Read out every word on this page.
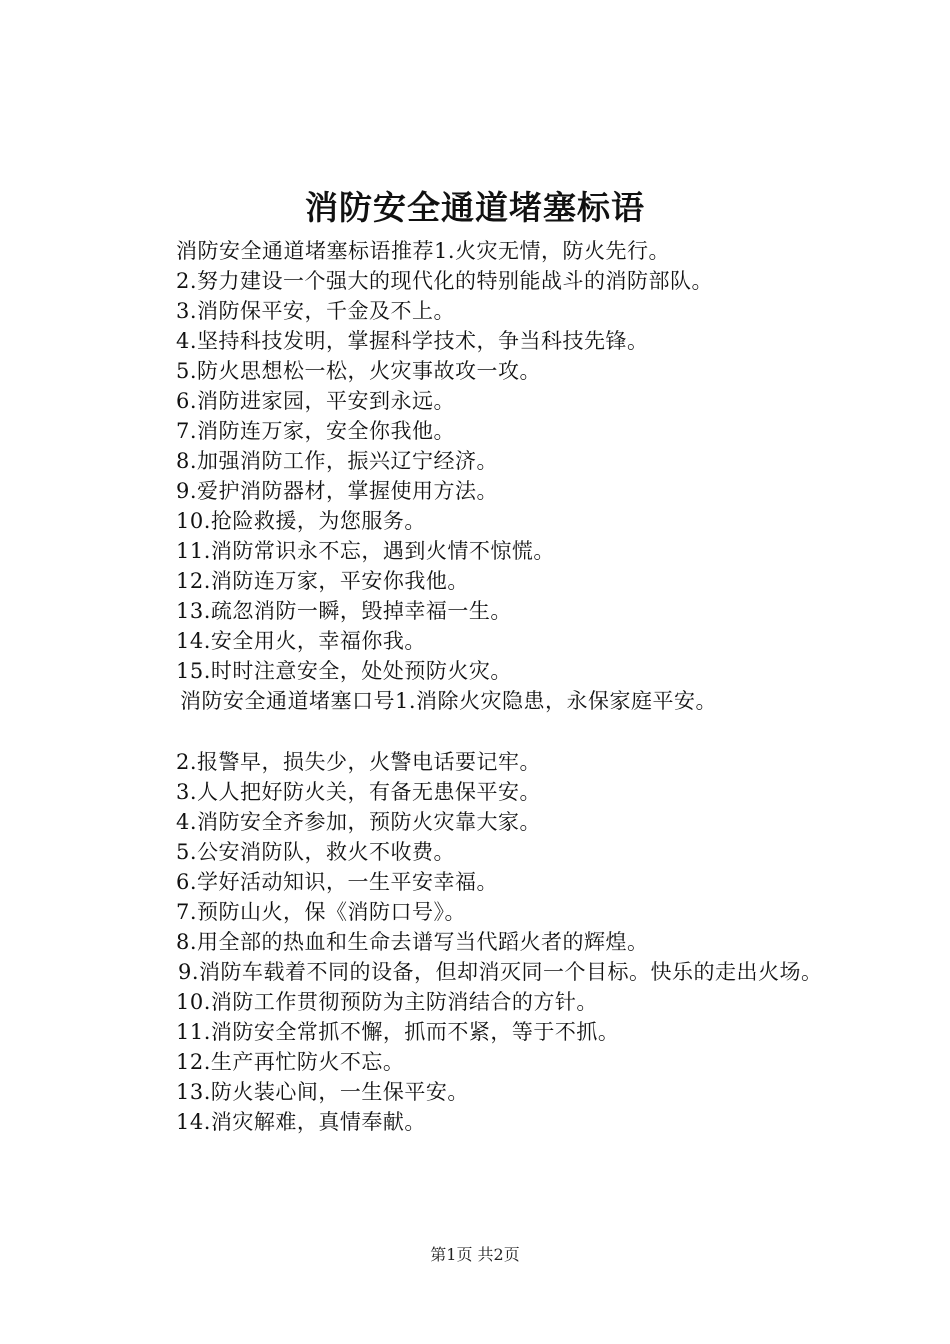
消防安全通道堵塞标语
消防安全通道堵塞标语推荐1.火灾无情，防火先行。
2.努力建设一个强大的现代化的特别能战斗的消防部队。
3.消防保平安，千金及不上。
4.坚持科技发明，掌握科学技术，争当科技先锋。
5.防火思想松一松，火灾事故攻一攻。
6.消防进家园，平安到永远。
7.消防连万家，安全你我他。
8.加强消防工作，振兴辽宁经济。
9.爱护消防器材，掌握使用方法。
10.抢险救援，为您服务。
11.消防常识永不忘，遇到火情不惊慌。
12.消防连万家，平安你我他。
13.疏忽消防一瞬，毁掉幸福一生。
14.安全用火，幸福你我。
15.时时注意安全，处处预防火灾。
消防安全通道堵塞口号1.消除火灾隐患，永保家庭平安。
2.报警早，损失少，火警电话要记牢。
3.人人把好防火关，有备无患保平安。
4.消防安全齐参加，预防火灾靠大家。
5.公安消防队，救火不收费。
6.学好活动知识，一生平安幸福。
7.预防山火，保《消防口号》。
8.用全部的热血和生命去谱写当代蹈火者的辉煌。
9.消防车载着不同的设备，但却消灭同一个目标。快乐的走出火场。
10.消防工作贯彻预防为主防消结合的方针。
11.消防安全常抓不懈，抓而不紧，等于不抓。
12.生产再忙防火不忘。
13.防火装心间，一生保平安。
14.消灾解难，真情奉献。
第1页 共2页
